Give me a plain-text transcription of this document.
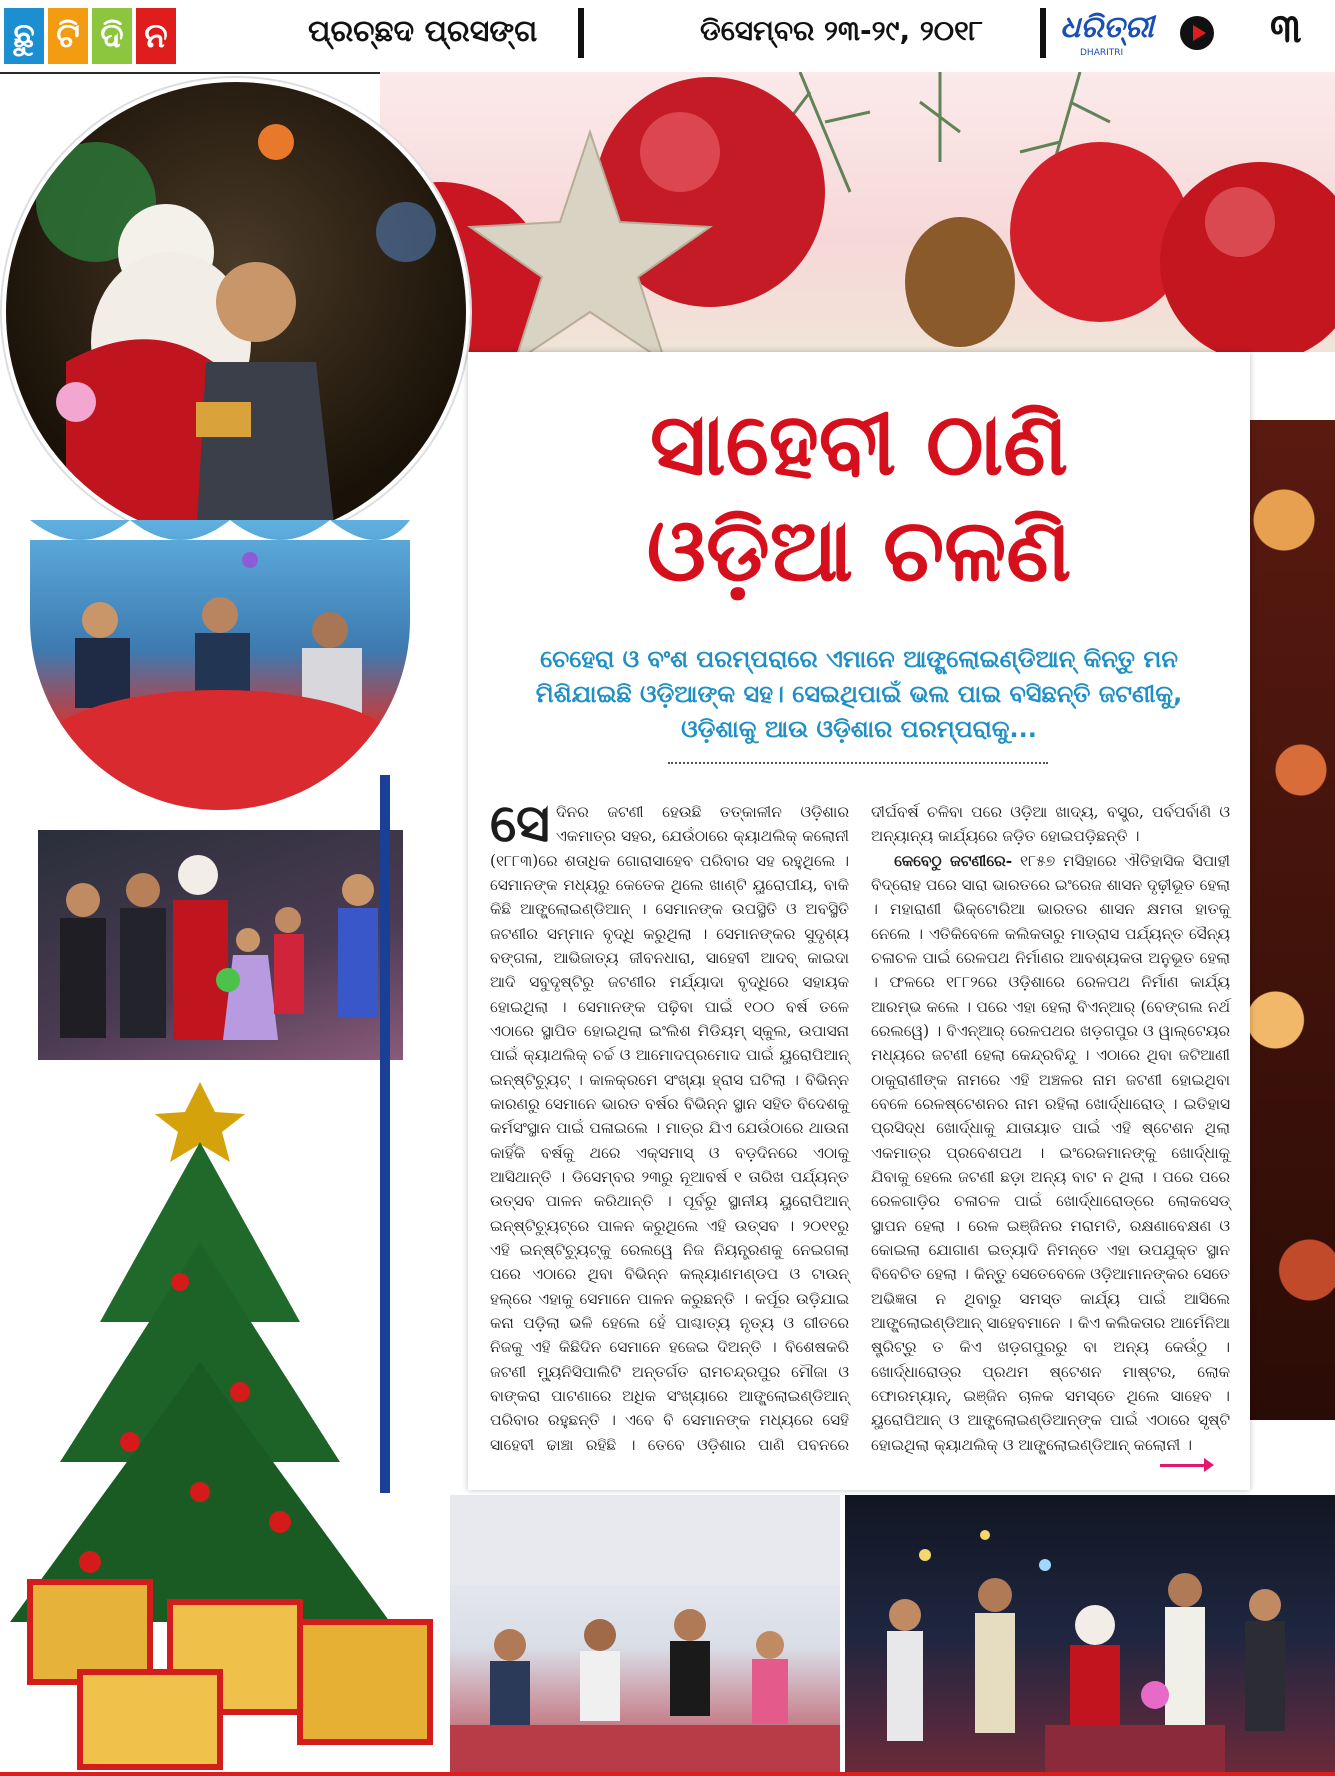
ଛୁ ଟି ଦି ନ	ପ୍ରଚ୍ଛଦ ପ୍ରସଙ୍ଗ	ଡିସେମ୍ବର ୨୩-୨୯, ୨୦୧୮	ଧରିତ୍ରୀ
DHARITRI
୩
ସାହେବୀ ଠାଣି
ଓଡ଼ିଆ ଚଳଣି
ଚେହେରା ଓ ବଂଶ ପରମ୍ପରାରେ ଏମାନେ ଆଙ୍ଗ୍ଲୋଇଣ୍ଡିଆନ୍ କିନ୍ତୁ ମନ ମିଶିଯାଇଛି ଓଡ଼ିଆଙ୍କ ସହ। ସେଇଥିପାଇଁ ଭଲ ପାଇ ବସିଛନ୍ତି ଜଟଣୀକୁ, ଓଡ଼ିଶାକୁ ଆଉ ଓଡ଼ିଶାର ପରମ୍ପରାକୁ...

ସେଦିନର ଜଟଣୀ ହେଉଛି ତତ୍କାଳୀନ ଓଡ଼ିଶାର ଏକମାତ୍ର ସହର, ଯେଉଁଠାରେ କ୍ୟାଥଲିକ୍ କଲୋନୀ (୧୮୮୩)ରେ ଶତାଧିକ ଗୋରାସାହେବ ପରିବାର ସହ ରହୁଥିଲେ । ସେମାନଙ୍କ ମଧ୍ୟରୁ କେତେକ ଥିଲେ ଖାଣ୍ଟି ୟୁରୋପୀୟ, ବାକି କିଛି ଆଙ୍ଗ୍ଲୋଇଣ୍ଡିଆନ୍ । ସେମାନଙ୍କ ଉପସ୍ଥିତି ଓ ଅବସ୍ଥିତି ଜଟଣୀର ସମ୍ମାନ ବୃଦ୍ଧି କରୁଥିଲା । ସେମାନଙ୍କର ସୁଦୃଶ୍ୟ ବଙ୍ଗଳା, ଆଭିଜାତ୍ୟ ଜୀବନଧାରା, ସାହେବୀ ଆଦବ୍ କାଇଦା ଆଦି ସବୁଦୃଷ୍ଟିରୁ ଜଟଣୀର ମର୍ଯ୍ୟାଦା ବୃଦ୍ଧିରେ ସହାୟକ ହୋଇଥିଲା । ସେମାନଙ୍କ ପଢ଼ିବା ପାଇଁ ୧୦୦ ବର୍ଷ ତଳେ ଏଠାରେ ସ୍ଥାପିତ ହୋଇଥିଲା ଇଂଲିଶ ମିଡିୟମ୍ ସ୍କୁଲ, ଉପାସନା ପାଇଁ କ୍ୟାଥଲିକ୍ ଚର୍ଚ୍ଚ ଓ ଆମୋଦପ୍ରମୋଦ ପାଇଁ ୟୁରୋପିଆନ୍ ଇନ୍ଷ୍ଟିଚ୍ୟୁଟ୍ । କାଳକ୍ରମେ ସଂଖ୍ୟା ହ୍ରାସ ଘଟିଲା । ବିଭିନ୍ନ କାରଣରୁ ସେମାନେ ଭାରତ ବର୍ଷର ବିଭିନ୍ନ ସ୍ଥାନ ସହିତ ବିଦେଶକୁ କର୍ମସଂସ୍ଥାନ ପାଇଁ ପଳାଇଲେ । ମାତ୍ର ଯିଏ ଯେଉଁଠାରେ ଥାଉନା କାହିଁକି ବର୍ଷକୁ ଥରେ ଏକ୍ସମାସ୍ ଓ ବଡ଼ଦିନରେ ଏଠାକୁ ଆସିଥାନ୍ତି । ଡିସେମ୍ବର ୨୩ରୁ ନୂଆବର୍ଷ ୧ ତାରିଖ ପର୍ଯ୍ୟନ୍ତ ଉତ୍ସବ ପାଳନ କରିଥାନ୍ତି । ପୂର୍ବରୁ ସ୍ଥାନୀୟ ୟୁରୋପିଆନ୍ ଇନ୍ଷ୍ଟିଚ୍ୟୁଟ୍ରେ ପାଳନ କରୁଥିଲେ ଏହି ଉତ୍ସବ । ୨୦୧୧ରୁ ଏହି ଇନ୍ଷ୍ଟିଚ୍ୟୁଟ୍କୁ ରେଲୱେ ନିଜ ନିୟନ୍ତ୍ରଣକୁ ନେଇଗଲା ପରେ ଏଠାରେ ଥିବା ବିଭିନ୍ନ କଲ୍ୟାଣମଣ୍ଡପ ଓ ଟାଉନ୍ ହଲ୍ରେ ଏହାକୁ ସେମାନେ ପାଳନ କରୁଛନ୍ତି । କର୍ପୂର ଉଡ଼ିଯାଇ କନା ପଡ଼ିଲା ଭଳି ହେଲେ ହେଁ ପାଶ୍ଚାତ୍ୟ ନୃତ୍ୟ ଓ ଗୀତରେ ନିଜକୁ ଏହି କିଛିଦିନ ସେମାନେ ହଜେଇ ଦିଅନ୍ତି । ବିଶେଷକରି ଜଟଣୀ ମ୍ୟୁନିସିପାଲିଟି ଅନ୍ତର୍ଗତ ରାମଚନ୍ଦ୍ରପୁର ମୌଜା ଓ ବାଙ୍କରା ପାଟଣାରେ ଅଧିକ ସଂଖ୍ୟାରେ ଆଙ୍ଗ୍ଲୋଇଣ୍ଡିଆନ୍ ପରିବାର ରହୁଛନ୍ତି । ଏବେ ବି ସେମାନଙ୍କ ମଧ୍ୟରେ ସେହି ସାହେବୀ ଢାଞ୍ଚା ରହିଛି । ତେବେ ଓଡ଼ିଶାର ପାଣି ପବନରେ ଦୀର୍ଘବର୍ଷ ଚଳିବା ପରେ ଓଡ଼ିଆ ଖାଦ୍ୟ, ବସ୍ତ୍ର, ପର୍ବପର୍ବାଣି ଓ ଅନ୍ୟାନ୍ୟ କାର୍ଯ୍ୟରେ ଜଡ଼ିତ ହୋଇପଡ଼ିଛନ୍ତି ।

କେବେଠୁ ଜଟଣୀରେ- ୧୮୫୭ ମସିହାରେ ଐତିହାସିକ ସିପାହୀ ବିଦ୍ରୋହ ପରେ ସାରା ଭାରତରେ ଇଂରେଜ ଶାସନ ଦୃଢ଼ୀଭୂତ ହେଲା । ମହାରାଣୀ ଭିକ୍ଟୋରିଆ ଭାରତର ଶାସନ କ୍ଷମତା ହାତକୁ ନେଲେ । ଏତିକିବେଳେ କଲିକତାରୁ ମାଡ୍ରାସ ପର୍ଯ୍ୟନ୍ତ ସୈନ୍ୟ ଚଳାଚଳ ପାଇଁ ରେଳପଥ ନିର୍ମାଣର ଆବଶ୍ୟକତା ଅନୁଭୂତ ହେଲା । ଫଳରେ ୧୮୮୨ରେ ଓଡ଼ିଶାରେ ରେଳପଥ ନିର୍ମାଣ କାର୍ଯ୍ୟ ଆରମ୍ଭ କଲେ । ପରେ ଏହା ହେଲା ବିଏନ୍ଆର୍ (ବେଙ୍ଗଲ ନର୍ଥ ରେଲୱେ) । ବିଏନ୍ଆର୍ ରେଳପଥର ଖଡ଼ଗପୁର ଓ ୱାଲ୍ଟେୟର ମଧ୍ୟରେ ଜଟଣୀ ହେଲା କେନ୍ଦ୍ରବିନ୍ଦୁ । ଏଠାରେ ଥିବା ଜଟିଆଣୀ ଠାକୁରାଣୀଙ୍କ ନାମରେ ଏହି ଅଞ୍ଚଳର ନାମ ଜଟଣୀ ହୋଇଥିବା ବେଳେ ରେଳଷ୍ଟେଶନର ନାମ ରହିଲା ଖୋର୍ଦ୍ଧାରୋଡ୍ । ଇତିହାସ ପ୍ରସିଦ୍ଧ ଖୋର୍ଦ୍ଧାକୁ ଯାତାୟାତ ପାଇଁ ଏହି ଷ୍ଟେଶନ ଥିଲା ଏକମାତ୍ର ପ୍ରବେଶପଥ । ଇଂରେଜମାନଙ୍କୁ ଖୋର୍ଦ୍ଧାକୁ ଯିବାକୁ ହେଲେ ଜଟଣୀ ଛଡ଼ା ଅନ୍ୟ ବାଟ ନ ଥିଲା । ପରେ ପରେ ରେଳଗାଡ଼ିର ଚଳାଚଳ ପାଇଁ ଖୋର୍ଦ୍ଧାରୋଡ୍ରେ ଲୋକସେଡ୍ ସ୍ଥାପନ ହେଲା । ରେଳ ଇଞ୍ଜିନର ମରାମତି, ରକ୍ଷଣାବେକ୍ଷଣ ଓ କୋଇଲା ଯୋଗାଣ ଇତ୍ୟାଦି ନିମନ୍ତେ ଏହା ଉପଯୁକ୍ତ ସ୍ଥାନ ବିବେଚିତ ହେଲା । କିନ୍ତୁ ସେତେବେଳେ ଓଡ଼ିଆମାନଙ୍କର ସେତେ ଅଭିଜ୍ଞତା ନ ଥିବାରୁ ସମସ୍ତ କାର୍ଯ୍ୟ ପାଇଁ ଆସିଲେ ଆଙ୍ଗ୍ଲୋଇଣ୍ଡିଆନ୍ ସାହେବମାନେ । କିଏ କଲିକତାର ଆର୍ମେନିଆ ଷ୍ଟ୍ରିଟ୍ରୁ ତ କିଏ ଖଡ଼ଗପୁରରୁ ବା ଅନ୍ୟ କେଉଁଠୁ । ଖୋର୍ଦ୍ଧାରୋଡ୍ର ପ୍ରଥମ ଷ୍ଟେଶନ ମାଷ୍ଟର, ଲୋକ ଫୋରମ୍ୟାନ୍, ଇଞ୍ଜିନ ଚାଳକ ସମସ୍ତେ ଥିଲେ ସାହେବ । ୟୁରୋପିଆନ୍ ଓ ଆଙ୍ଗ୍ଲୋଇଣ୍ଡିଆନ୍ଙ୍କ ପାଇଁ ଏଠାରେ ସୃଷ୍ଟି ହୋଇଥିଲା କ୍ୟାଥଲିକ୍ ଓ ଆଙ୍ଗ୍ଲୋଇଣ୍ଡିଆନ୍ କଲୋନୀ ।
